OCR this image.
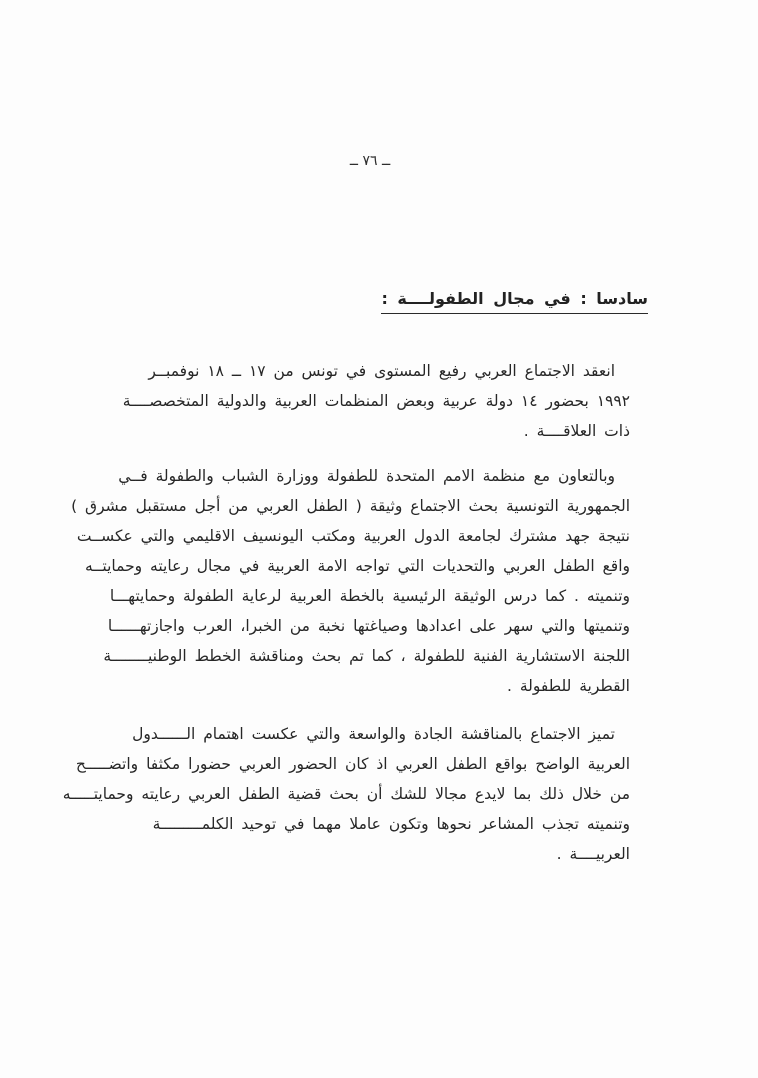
ــ ٧٦ ــ
سادسا : في مجال الطفولــــة :
انعقد الاجتماع العربي رفيع المستوى في تونس من ١٧ ــ ١٨ نوفمبــر
١٩٩٢ بحضور ١٤ دولة عربية وبعض المنظمات العربية والدولية المتخصصــــة
ذات العلاقــــة .
وبالتعاون مع منظمة الامم المتحدة للطفولة ووزارة الشباب والطفولة فــي
الجمهورية التونسية بحث الاجتماع وثيقة ( الطفل العربي من أجل مستقبل مشرق )
نتيجة جهد مشترك لجامعة الدول العربية ومكتب اليونسيف الاقليمي والتي عكســت
واقع الطفل العربي والتحديات التي تواجه الامة العربية في مجال رعايته وحمايتــه
وتنميته . كما درس الوثيقة الرئيسية بالخطة العربية لرعاية الطفولة وحمايتهـــا
وتنميتها والتي سهر على اعدادها وصياغتها نخبة من الخبرا، العرب واجازتهــــــا
اللجنة الاستشارية الفنية للطفولة ، كما تم بحث ومناقشة الخطط الوطنيــــــــة
القطرية للطفولة .
تميز الاجتماع بالمناقشة الجادة والواسعة والتي عكست اهتمام الــــــدول
العربية الواضح بواقع الطفل العربي اذ كان الحضور العربي حضورا مكثفا واتضـــــح
من خلال ذلك بما لايدع مجالا للشك أن بحث قضية الطفل العربي رعايته وحمايتـــــه
وتنميته تجذب المشاعر نحوها وتكون عاملا مهما في توحيد الكلمـــــــــة
العربيــــة .
